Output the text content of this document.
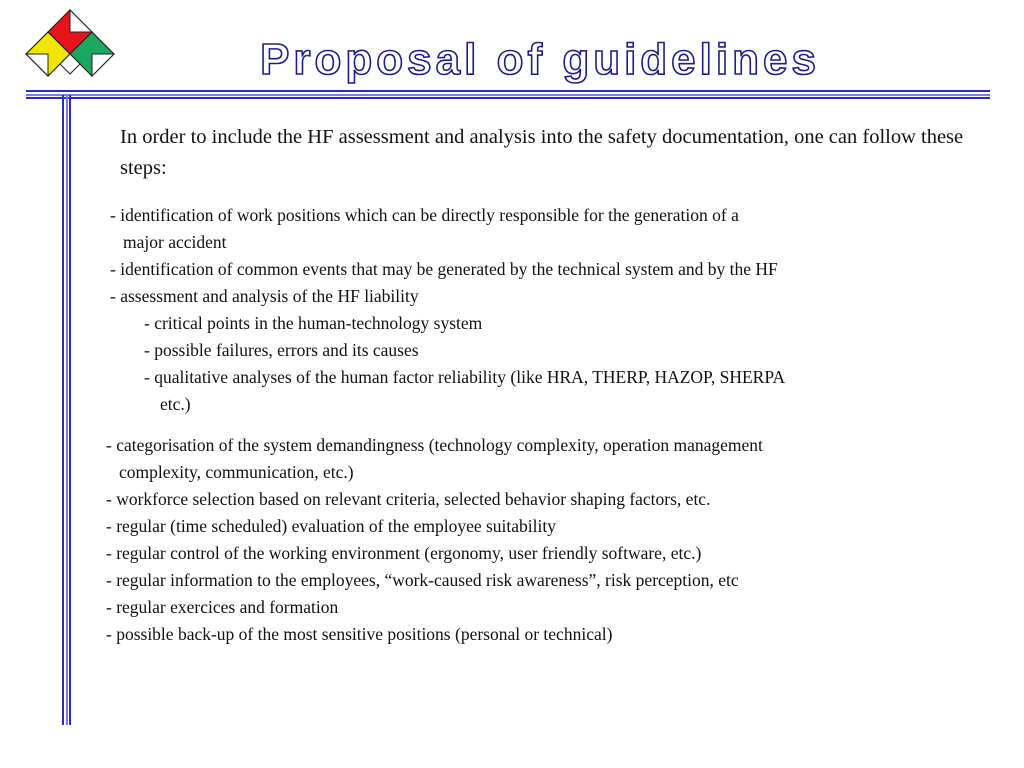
Proposal of guidelines

In order to include the HF assessment and analysis into the safety documentation, one can follow these steps:

- identification of work positions which can be directly responsible for the generation of a
major accident
- identification of common events that may be generated by the technical system and by the HF
- assessment and analysis of the HF liability
- critical points in the human-technology system
- possible failures, errors and its causes
- qualitative analyses of the human factor reliability (like HRA, THERP, HAZOP, SHERPA
etc.)
- categorisation of the system demandingness (technology complexity, operation management
complexity, communication, etc.)
- workforce selection based on relevant criteria, selected behavior shaping factors, etc.
- regular (time scheduled) evaluation of the employee suitability
- regular control of the working environment (ergonomy, user friendly software, etc.)
- regular information to the employees, “work-caused risk awareness”, risk perception, etc
- regular exercices and formation
- possible back-up of the most sensitive positions (personal or technical)
